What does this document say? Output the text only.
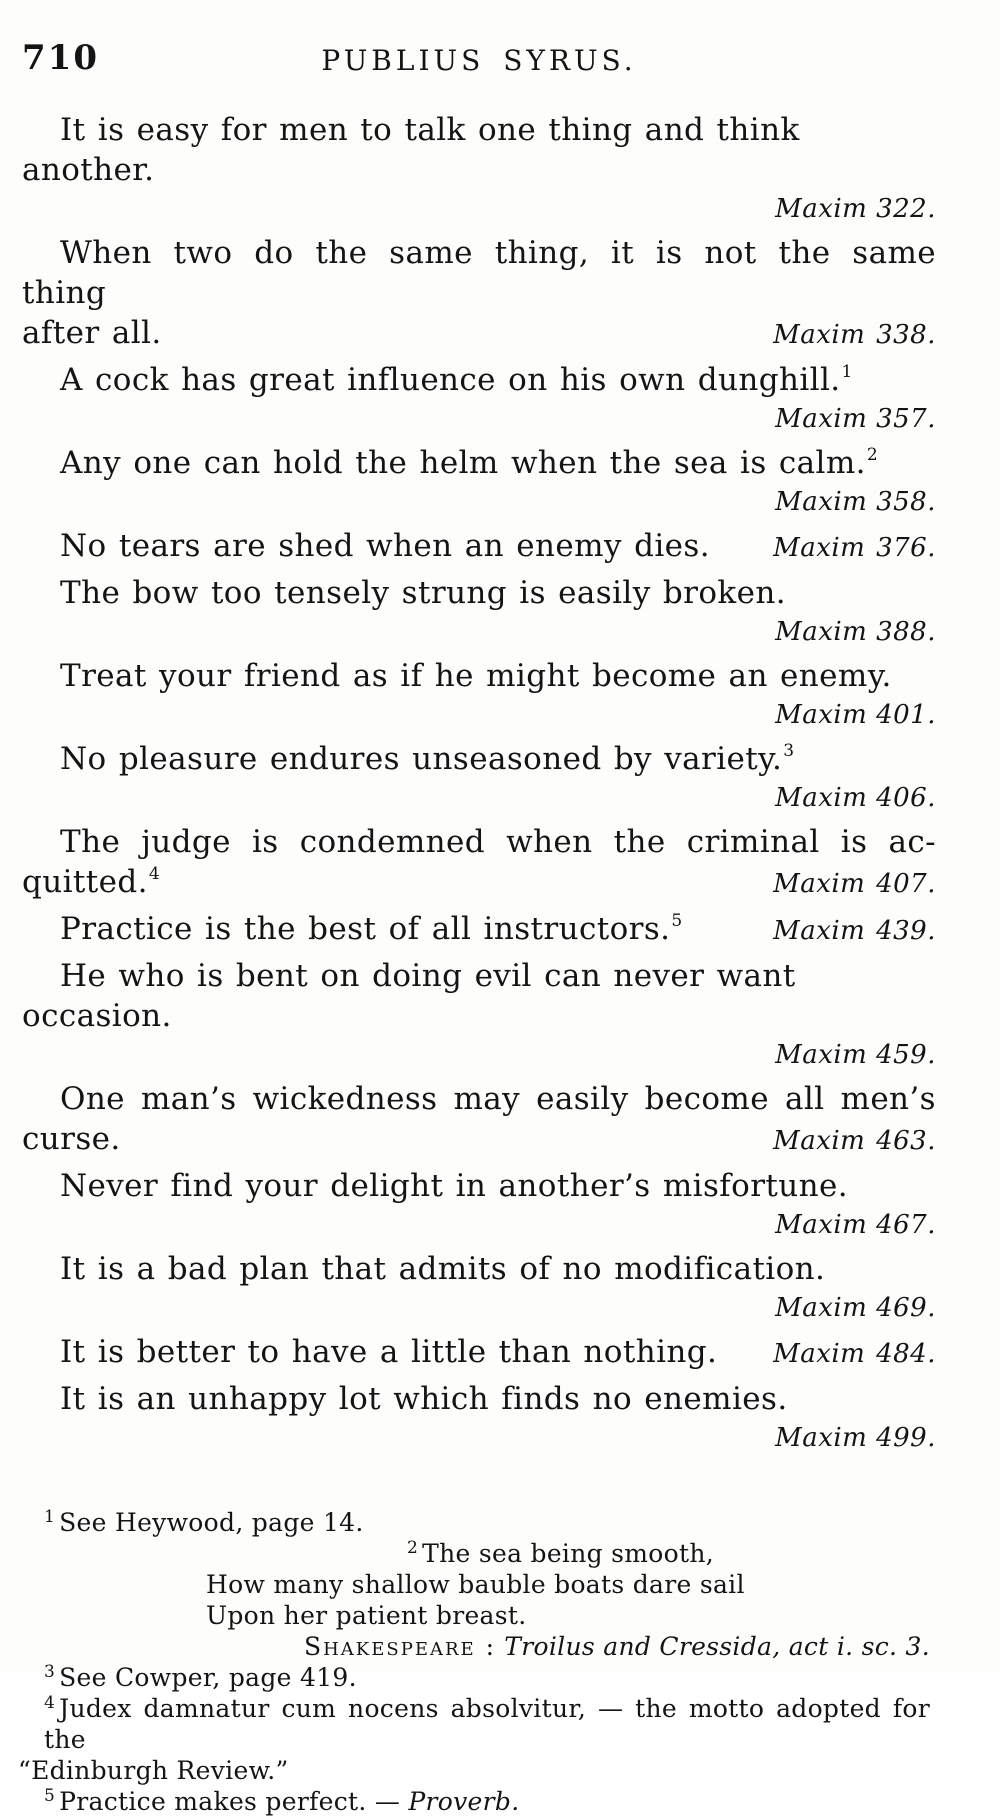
710	PUBLIUS SYRUS.

It is easy for men to talk one thing and think another.

Maxim 322.

When two do the same thing, it is not the same thing

after all.	Maxim 338.

A cock has great influence on his own dunghill.$^1$

Maxim 357.

Any one can hold the helm when the sea is calm.$^2$

Maxim 358.

No tears are shed when an enemy dies. Maxim 376.

The bow too tensely strung is easily broken.

Maxim 388.

Treat your friend as if he might become an enemy.

Maxim 401.

No pleasure endures unseasoned by variety.$^3$

Maxim 406.

The judge is condemned when the criminal is ac-

quitted.$^4$	Maxim 407.

Practice is the best of all instructors.$^5$	Maxim 439.

He who is bent on doing evil can never want occasion.

Maxim 459.

One man’s wickedness may easily become all men’s

curse.	Maxim 463.

Never find your delight in another’s misfortune.

Maxim 467.

It is a bad plan that admits of no modification.

Maxim 469.

It is better to have a little than nothing. Maxim 484.

It is an unhappy lot which finds no enemies.

Maxim 499.

$^1$ See Heywood, page 14.

$^2$ The sea being smooth,

How many shallow bauble boats dare sail

Upon her patient breast.

Shakespeare : Troilus and Cressida, act i. sc. 3.

$^3$ See Cowper, page 419.

$^4$ Judex damnatur cum nocens absolvitur, — the motto adopted for the

“Edinburgh Review.”

$^5$ Practice makes perfect. — Proverb.
